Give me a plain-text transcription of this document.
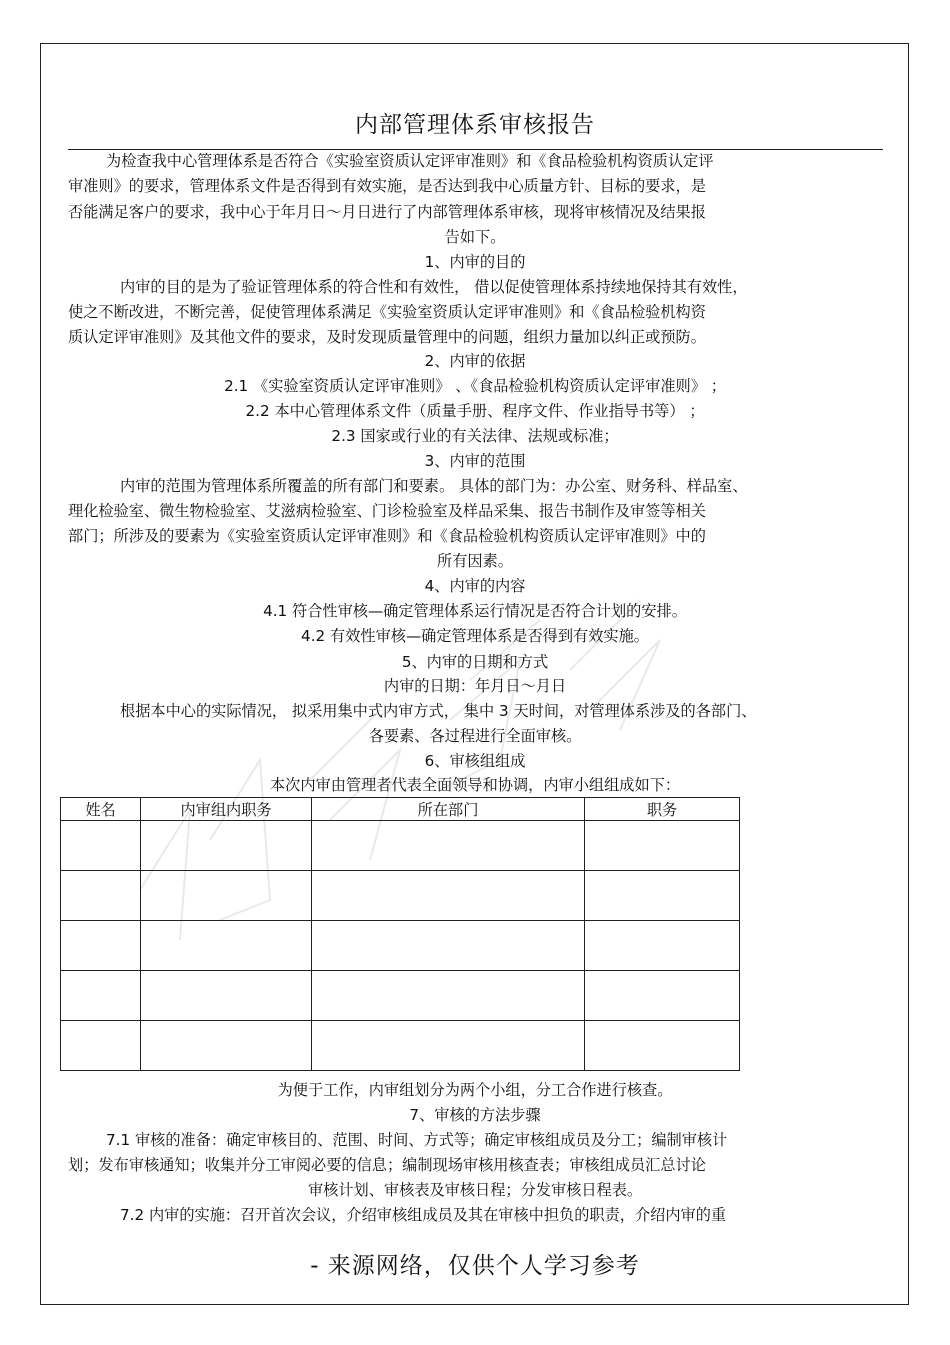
内部管理体系审核报告
为检查我中心管理体系是否符合《实验室资质认定评审准则》和《食品检验机构资质认定评
审准则》的要求，管理体系文件是否得到有效实施，是否达到我中心质量方针、目标的要求，是
否能满足客户的要求，我中心于年月日～月日进行了内部管理体系审核，现将审核情况及结果报
告如下。
1、内审的目的
内审的目的是为了验证管理体系的符合性和有效性， 借以促使管理体系持续地保持其有效性，
使之不断改进，不断完善，促使管理体系满足《实验室资质认定评审准则》和《食品检验机构资
质认定评审准则》及其他文件的要求，及时发现质量管理中的问题，组织力量加以纠正或预防。
2、内审的依据
2.1 《实验室资质认定评审准则》 、《食品检验机构资质认定评审准则》 ；
2.2 本中心管理体系文件（质量手册、程序文件、作业指导书等） ；
2.3 国家或行业的有关法律、法规或标准；
3、内审的范围
内审的范围为管理体系所覆盖的所有部门和要素。 具体的部门为：办公室、财务科、样品室、
理化检验室、微生物检验室、艾滋病检验室、门诊检验室及样品采集、报告书制作及审签等相关
部门；所涉及的要素为《实验室资质认定评审准则》和《食品检验机构资质认定评审准则》中的
所有因素。
4、内审的内容
4.1 符合性审核—确定管理体系运行情况是否符合计划的安排。
4.2 有效性审核—确定管理体系是否得到有效实施。
5、内审的日期和方式
内审的日期：年月日～月日
根据本中心的实际情况， 拟采用集中式内审方式， 集中 3 天时间，对管理体系涉及的各部门、
各要素、各过程进行全面审核。
6、审核组组成
本次内审由管理者代表全面领导和协调，内审小组组成如下：
姓名	内审组内职务	所在部门	职务

为便于工作，内审组划分为两个小组，分工合作进行核查。
7、审核的方法步骤
7.1 审核的准备：确定审核目的、范围、时间、方式等；确定审核组成员及分工；编制审核计
划；发布审核通知；收集并分工审阅必要的信息；编制现场审核用核查表；审核组成员汇总讨论
审核计划、审核表及审核日程；分发审核日程表。
7.2 内审的实施：召开首次会议，介绍审核组成员及其在审核中担负的职责，介绍内审的重
- 来源网络，仅供个人学习参考
